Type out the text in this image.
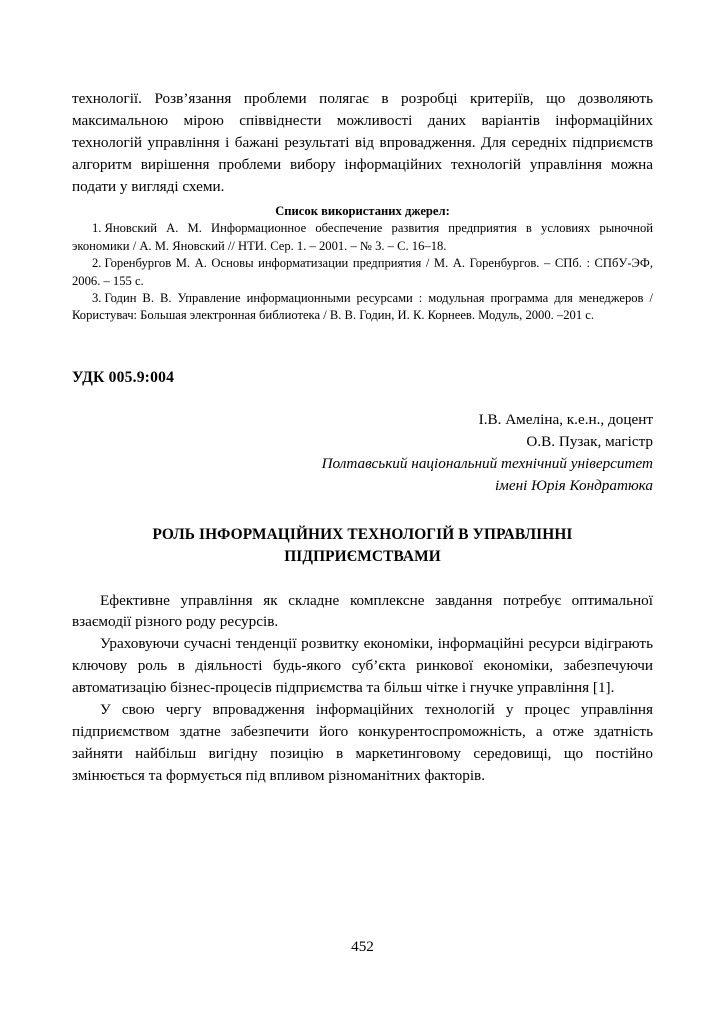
технології. Розв’язання проблеми полягає в розробці критеріїв, що дозволяють максимальною мірою співвіднести можливості даних варіантів інформаційних технологій управління і бажані результаті від впровадження. Для середніх підприємств алгоритм вирішення проблеми вибору інформаційних технологій управління можна подати у вигляді схеми.

Список використаних джерел:

1. Яновский А. М. Информационное обеспечение развития предприятия в условиях рыночной экономики / А. М. Яновский // НТИ. Сер. 1. – 2001. – № 3. – С. 16–18.

2. Горенбургов М. А. Основы информатизации предприятия / М. А. Горенбургов. – СПб. : СПбУ-ЭФ, 2006. – 155 с.

3. Годин В. В. Управление информационными ресурсами : модульная программа для менеджеров / Користувач: Большая электронная библиотека / В. В. Годин, И. К. Корнеев. Модуль, 2000. –201 с.

УДК 005.9:004
І.В. Амеліна, к.е.н., доцент
О.В. Пузак, магістр
Полтавський національний технічний університет
імені Юрія Кондратюка
РОЛЬ ІНФОРМАЦІЙНИХ ТЕХНОЛОГІЙ В УПРАВЛІННІ
ПІДПРИЄМСТВАМИ

Ефективне управління як складне комплексне завдання потребує оптимальної взаємодії різного роду ресурсів.

Ураховуючи сучасні тенденції розвитку економіки, інформаційні ресурси відіграють ключову роль в діяльності будь-якого суб’єкта ринкової економіки, забезпечуючи автоматизацію бізнес-процесів підприємства та більш чітке і гнучке управління [1].

У свою чергу впровадження інформаційних технологій у процес управління підприємством здатне забезпечити його конкурентоспроможність, а отже здатність зайняти найбільш вигідну позицію в маркетинговому середовищі, що постійно змінюється та формується під впливом різноманітних факторів.

452
